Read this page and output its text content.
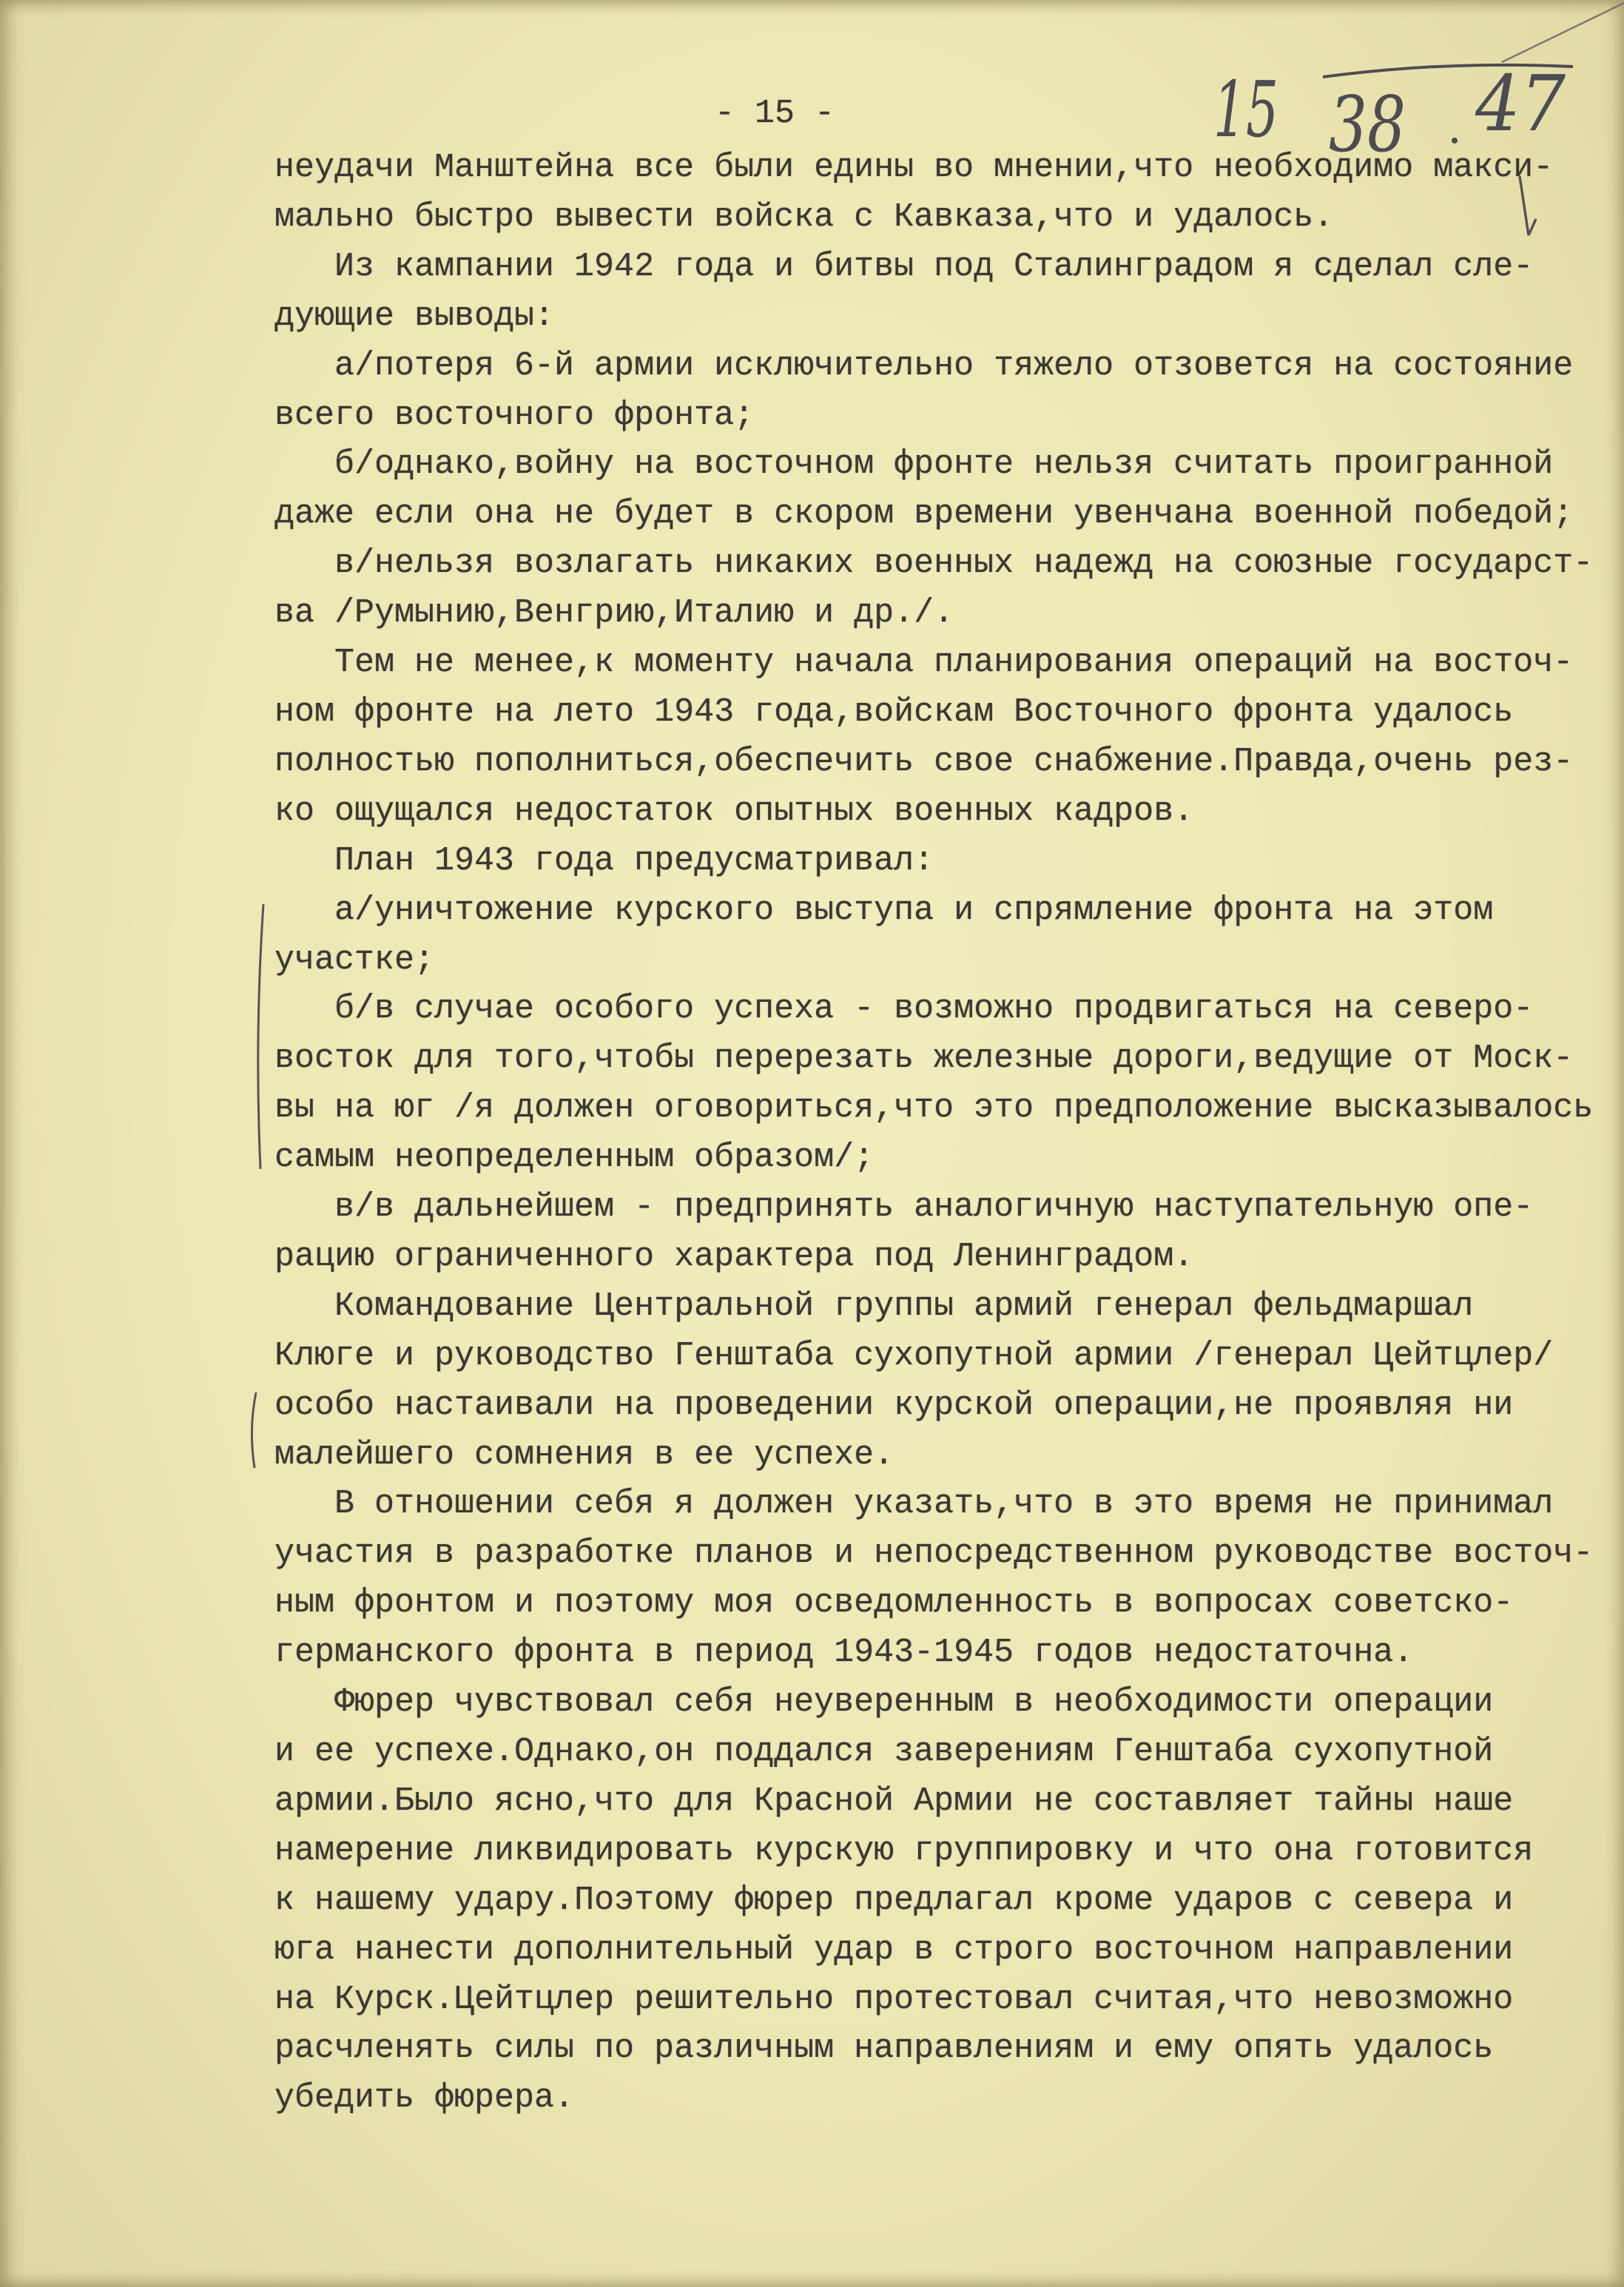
- 15 -
неудачи Манштейна все были едины во мнении,что необходимо макси-
мально быстро вывести войска с Кавказа,что и удалось.
Из кампании 1942 года и битвы под Сталинградом я сделал сле-
дующие выводы:
а/потеря 6-й армии исключительно тяжело отзовется на состояние
всего восточного фронта;
б/однако,войну на восточном фронте нельзя считать проигранной
даже если она не будет в скором времени увенчана военной победой;
в/нельзя возлагать никаких военных надежд на союзные государст-
ва /Румынию,Венгрию,Италию и др./.
Тем не менее,к моменту начала планирования операций на восточ-
ном фронте на лето 1943 года,войскам Восточного фронта удалось
полностью пополниться,обеспечить свое снабжение.Правда,очень рез-
ко ощущался недостаток опытных военных кадров.
План 1943 года предусматривал:
а/уничтожение курского выступа и спрямление фронта на этом
участке;
б/в случае особого успеха - возможно продвигаться на северо-
восток для того,чтобы перерезать железные дороги,ведущие от Моск-
вы на юг /я должен оговориться,что это предположение высказывалось
самым неопределенным образом/;
в/в дальнейшем - предпринять аналогичную наступательную опе-
рацию ограниченного характера под Ленинградом.
Командование Центральной группы армий генерал фельдмаршал
Клюге и руководство Генштаба сухопутной армии /генерал Цейтцлер/
особо настаивали на проведении курской операции,не проявляя ни
малейшего сомнения в ее успехе.
В отношении себя я должен указать,что в это время не принимал
участия в разработке планов и непосредственном руководстве восточ-
ным фронтом и поэтому моя осведомленность в вопросах советско-
германского фронта в период 1943-1945 годов недостаточна.
Фюрер чувствовал себя неуверенным в необходимости операции
и ее успехе.Однако,он поддался заверениям Генштаба сухопутной
армии.Было ясно,что для Красной Армии не составляет тайны наше
намерение ликвидировать курскую группировку и что она готовится
к нашему удару.Поэтому фюрер предлагал кроме ударов с севера и
юга нанести дополнительный удар в строго восточном направлении
на Курск.Цейтцлер решительно протестовал считая,что невозможно
расчленять силы по различным направлениям и ему опять удалось
убедить фюрера.
15 38 47
